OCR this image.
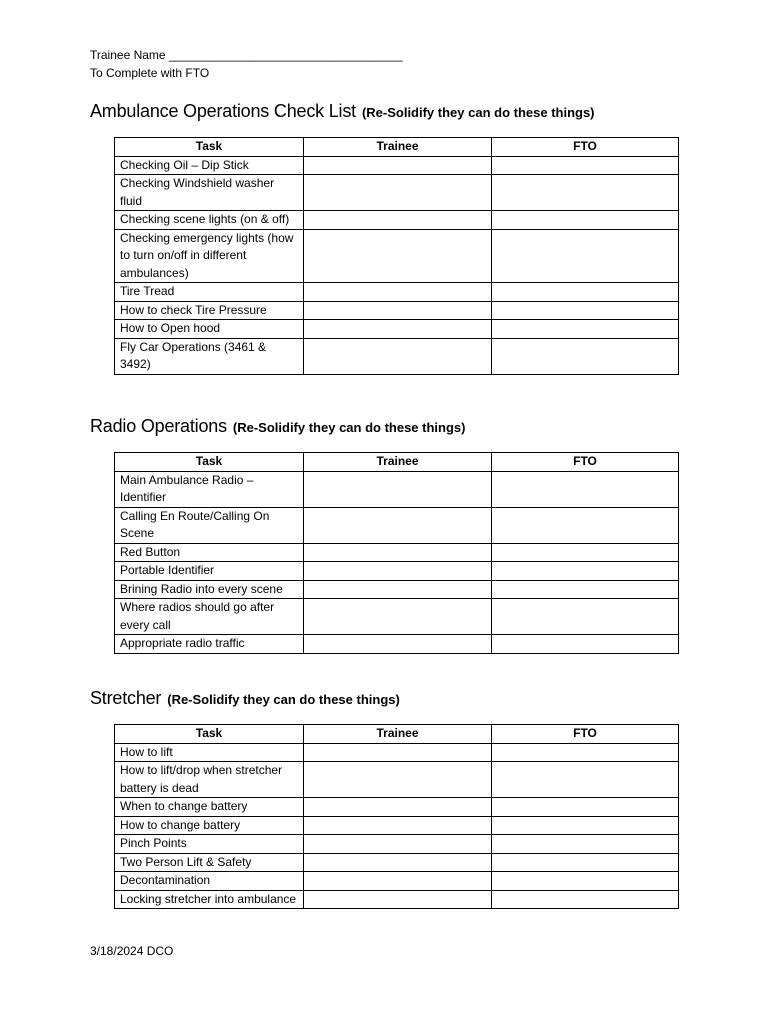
Trainee Name ___________________________________
To Complete with FTO
Ambulance Operations Check List (Re-Solidify they can do these things)
Task	Trainee	FTO
Checking Oil – Dip Stick		
Checking Windshield washer fluid		
Checking scene lights (on & off)		
Checking emergency lights (how to turn on/off in different ambulances)		
Tire Tread		
How to check Tire Pressure		
How to Open hood		
Fly Car Operations (3461 & 3492)		
Radio Operations (Re-Solidify they can do these things)
Task	Trainee	FTO
Main Ambulance Radio – Identifier		
Calling En Route/Calling On Scene		
Red Button		
Portable Identifier		
Brining Radio into every scene		
Where radios should go after every call		
Appropriate radio traffic		
Stretcher (Re-Solidify they can do these things)
Task	Trainee	FTO
How to lift		
How to lift/drop when stretcher battery is dead		
When to change battery		
How to change battery		
Pinch Points		
Two Person Lift & Safety		
Decontamination		
Locking stretcher into ambulance		
3/18/2024 DCO
